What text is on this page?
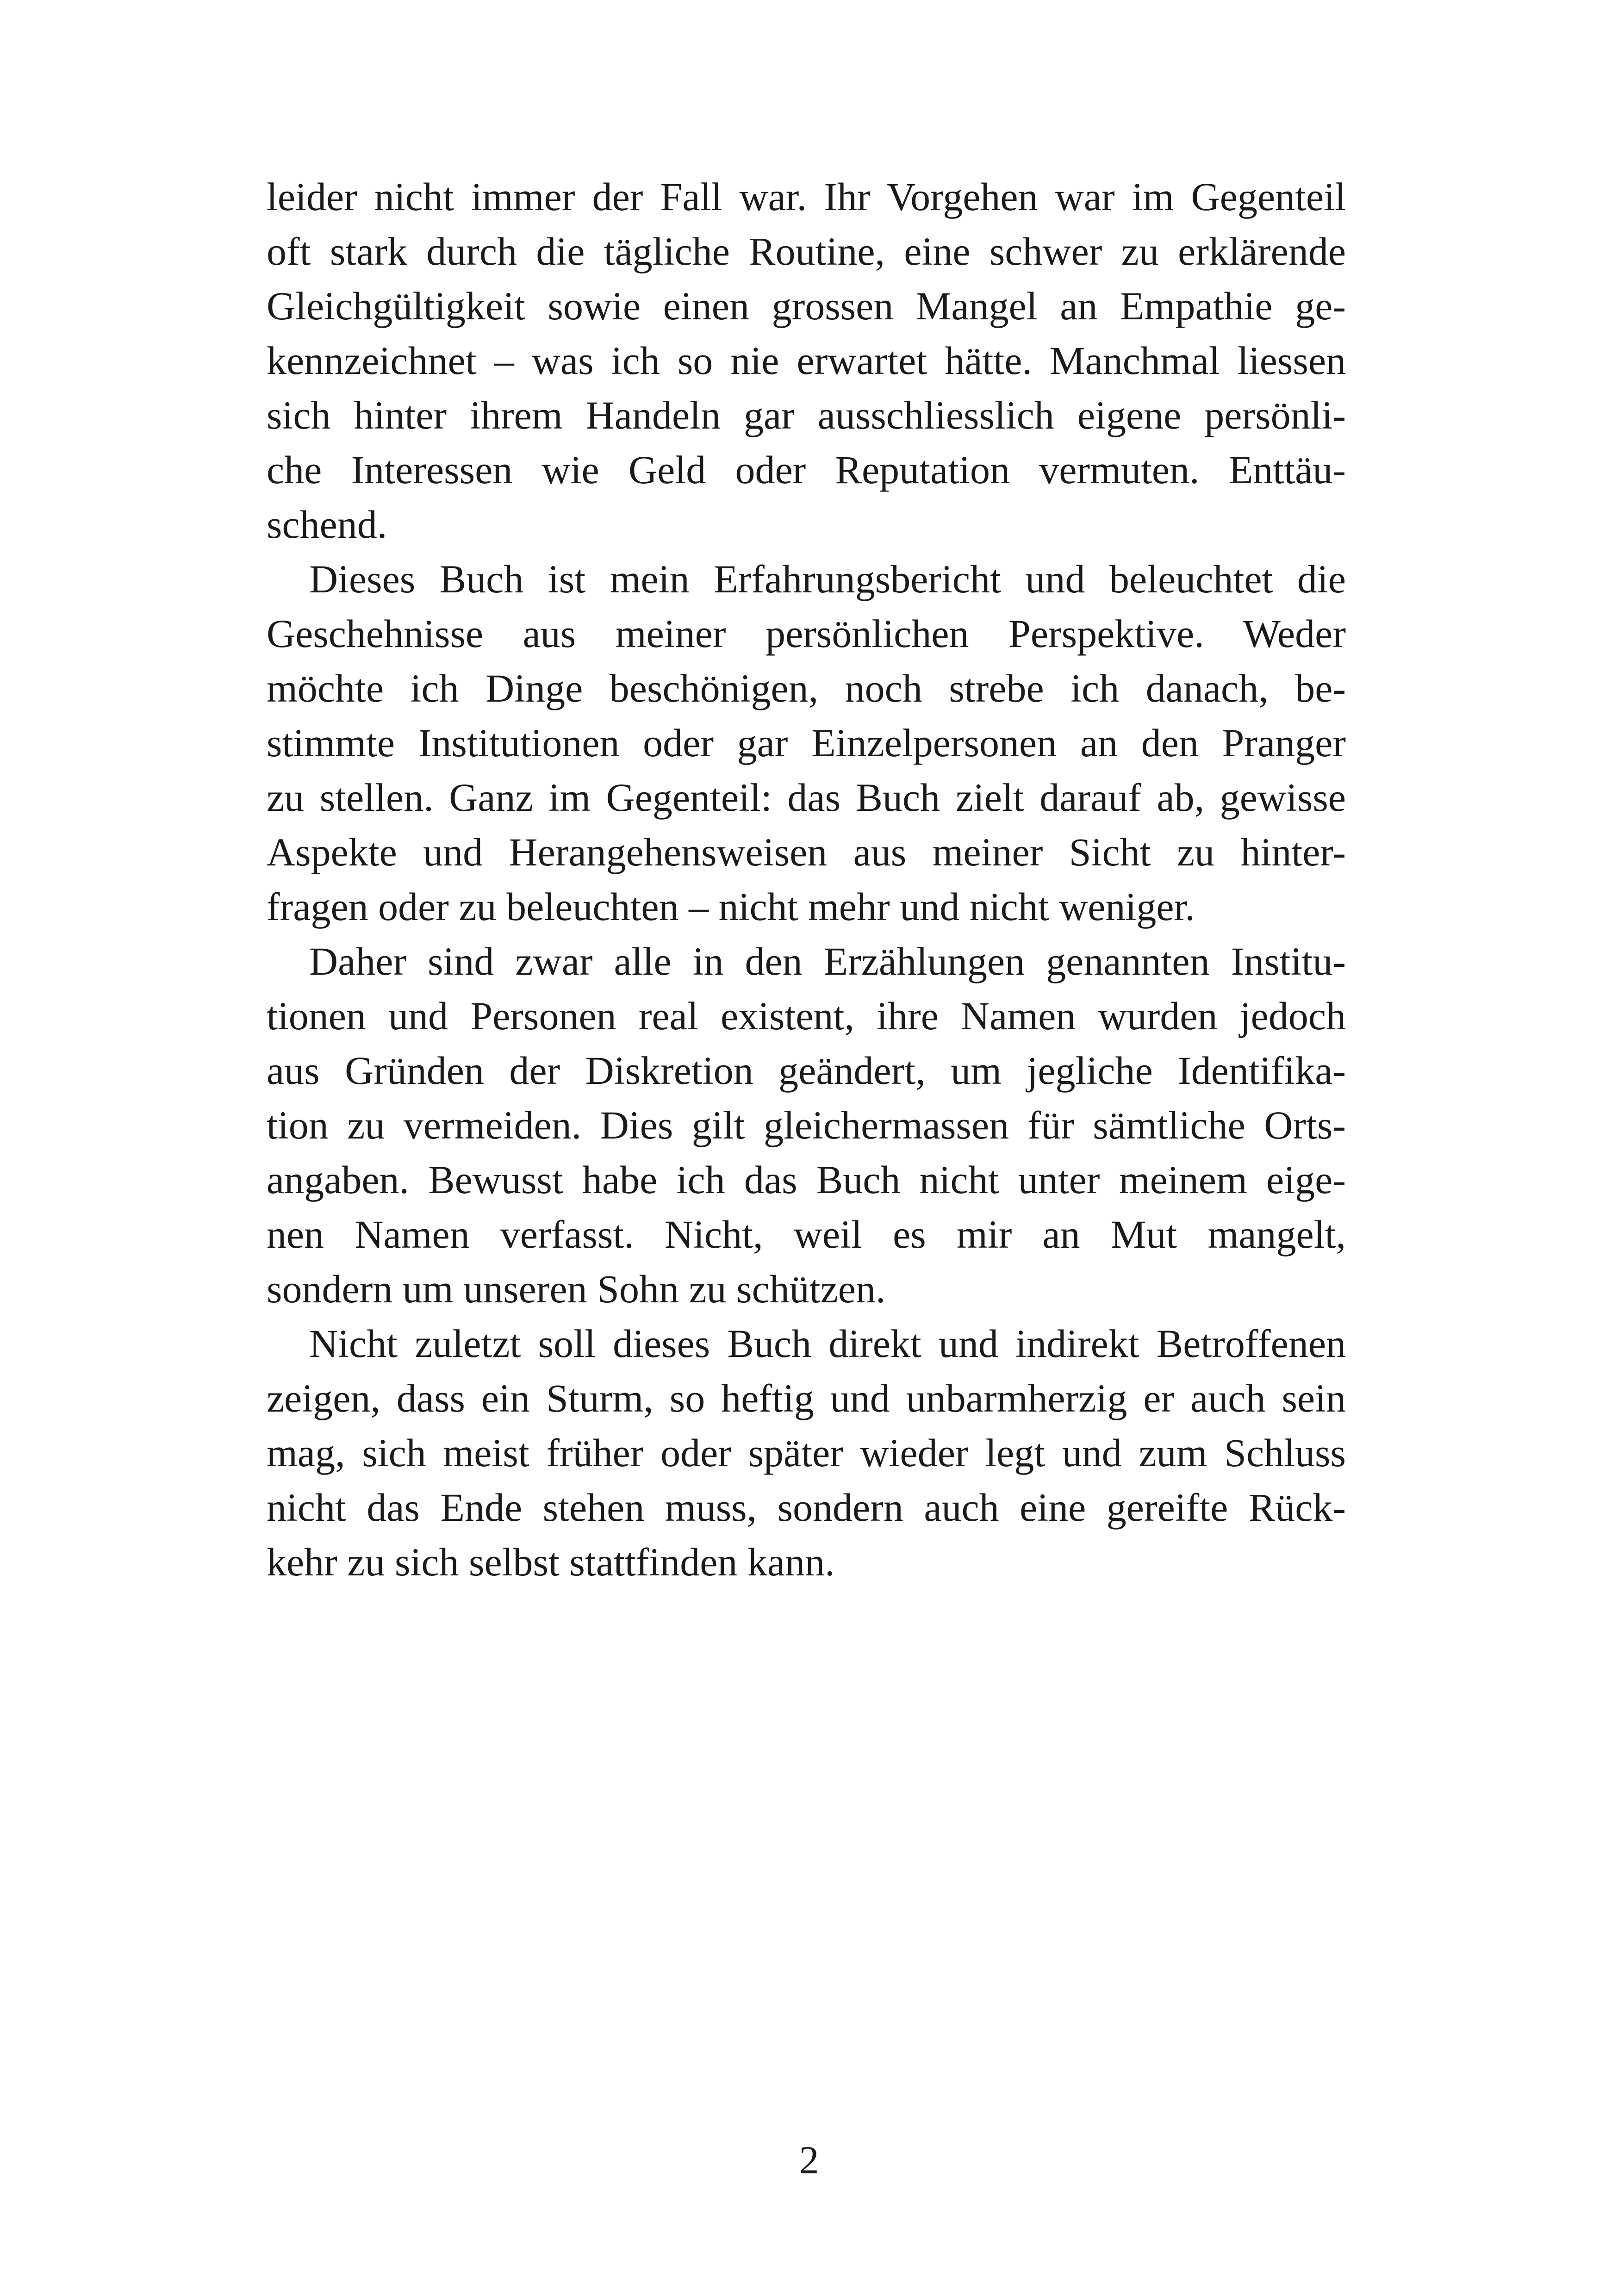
leider nicht immer der Fall war. Ihr Vorgehen war im Gegenteil
oft stark durch die tägliche Routine, eine schwer zu erklärende
Gleichgültigkeit sowie einen grossen Mangel an Empathie ge-
kennzeichnet – was ich so nie erwartet hätte. Manchmal liessen
sich hinter ihrem Handeln gar ausschliesslich eigene persönli-
che Interessen wie Geld oder Reputation vermuten. Enttäu-
schend.
Dieses Buch ist mein Erfahrungsbericht und beleuchtet die
Geschehnisse aus meiner persönlichen Perspektive. Weder
möchte ich Dinge beschönigen, noch strebe ich danach, be-
stimmte Institutionen oder gar Einzelpersonen an den Pranger
zu stellen. Ganz im Gegenteil: das Buch zielt darauf ab, gewisse
Aspekte und Herangehensweisen aus meiner Sicht zu hinter-
fragen oder zu beleuchten – nicht mehr und nicht weniger.
Daher sind zwar alle in den Erzählungen genannten Institu-
tionen und Personen real existent, ihre Namen wurden jedoch
aus Gründen der Diskretion geändert, um jegliche Identifika-
tion zu vermeiden. Dies gilt gleichermassen für sämtliche Orts-
angaben. Bewusst habe ich das Buch nicht unter meinem eige-
nen Namen verfasst. Nicht, weil es mir an Mut mangelt,
sondern um unseren Sohn zu schützen.
Nicht zuletzt soll dieses Buch direkt und indirekt Betroffenen
zeigen, dass ein Sturm, so heftig und unbarmherzig er auch sein
mag, sich meist früher oder später wieder legt und zum Schluss
nicht das Ende stehen muss, sondern auch eine gereifte Rück-
kehr zu sich selbst stattfinden kann.
2
